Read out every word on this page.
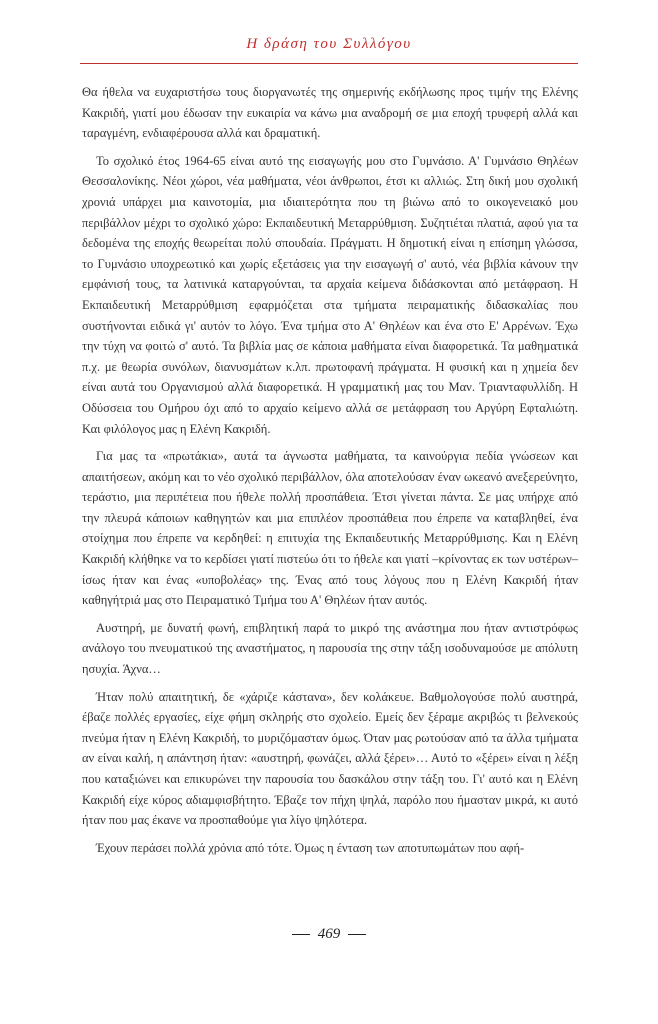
Η δράση του Συλλόγου

Θα ήθελα να ευχαριστήσω τους διοργανωτές της σημερινής εκδήλωσης προς τιμήν της Ελένης Κακριδή, γιατί μου έδωσαν την ευκαιρία να κάνω μια αναδρομή σε μια εποχή τρυφερή αλλά και ταραγμένη, ενδιαφέρουσα αλλά και δραματική.

Το σχολικό έτος 1964-65 είναι αυτό της εισαγωγής μου στο Γυμνάσιο. Α' Γυμνάσιο Θηλέων Θεσσαλονίκης. Νέοι χώροι, νέα μαθήματα, νέοι άνθρωποι, έτσι κι αλλιώς. Στη δική μου σχολική χρονιά υπάρχει μια καινοτομία, μια ιδιαιτερότητα που τη βιώνω από το οικογενειακό μου περιβάλλον μέχρι το σχολικό χώρο: Εκπαιδευτική Μεταρρύθμιση. Συζητιέται πλατιά, αφού για τα δεδομένα της εποχής θεωρείται πολύ σπουδαία. Πράγματι. Η δημοτική είναι η επίσημη γλώσσα, το Γυμνάσιο υποχρεωτικό και χωρίς εξετάσεις για την εισαγωγή σ' αυτό, νέα βιβλία κάνουν την εμφάνισή τους, τα λατινικά καταργούνται, τα αρχαία κείμενα διδάσκονται από μετάφραση. Η Εκπαιδευτική Μεταρρύθμιση εφαρμόζεται στα τμήματα πειραματικής διδασκαλίας που συστήνονται ειδικά γι' αυτόν το λόγο. Ένα τμήμα στο Α' Θηλέων και ένα στο Ε' Αρρένων. Έχω την τύχη να φοιτώ σ' αυτό. Τα βιβλία μας σε κάποια μαθήματα είναι διαφορετικά. Τα μαθηματικά π.χ. με θεωρία συνόλων, διανυσμάτων κ.λπ. πρωτοφανή πράγματα. Η φυσική και η χημεία δεν είναι αυτά του Οργανισμού αλλά διαφορετικά. Η γραμματική μας του Μαν. Τριανταφυλλίδη. Η Οδύσσεια του Ομήρου όχι από το αρχαίο κείμενο αλλά σε μετάφραση του Αργύρη Εφταλιώτη. Και φιλόλογος μας η Ελένη Κακριδή.

Για μας τα «πρωτάκια», αυτά τα άγνωστα μαθήματα, τα καινούργια πεδία γνώσεων και απαιτήσεων, ακόμη και το νέο σχολικό περιβάλλον, όλα αποτελούσαν έναν ωκεανό ανεξερεύνητο, τεράστιο, μια περιπέτεια που ήθελε πολλή προσπάθεια. Έτσι γίνεται πάντα. Σε μας υπήρχε από την πλευρά κάποιων καθηγητών και μια επιπλέον προσπάθεια που έπρεπε να καταβληθεί, ένα στοίχημα που έπρεπε να κερδηθεί: η επιτυχία της Εκπαιδευτικής Μεταρρύθμισης. Και η Ελένη Κακριδή κλήθηκε να το κερδίσει γιατί πιστεύω ότι το ήθελε και γιατί –κρίνοντας εκ των υστέρων– ίσως ήταν και ένας «υποβολέας» της. Ένας από τους λόγους που η Ελένη Κακριδή ήταν καθηγήτριά μας στο Πειραματικό Τμήμα του Α' Θηλέων ήταν αυτός.

Αυστηρή, με δυνατή φωνή, επιβλητική παρά το μικρό της ανάστημα που ήταν αντιστρόφως ανάλογο του πνευματικού της αναστήματος, η παρουσία της στην τάξη ισοδυναμούσε με απόλυτη ησυχία. Άχνα…

Ήταν πολύ απαιτητική, δε «χάριζε κάστανα», δεν κολάκευε. Βαθμολογούσε πολύ αυστηρά, έβαζε πολλές εργασίες, είχε φήμη σκληρής στο σχολείο. Εμείς δεν ξέραμε ακριβώς τι βελνεκούς πνεύμα ήταν η Ελένη Κακριδή, το μυριζόμασταν όμως. Όταν μας ρωτούσαν από τα άλλα τμήματα αν είναι καλή, η απάντηση ήταν: «αυστηρή, φωνάζει, αλλά ξέρει»… Αυτό το «ξέρει» είναι η λέξη που καταξιώνει και επικυρώνει την παρουσία του δασκάλου στην τάξη του. Γι' αυτό και η Ελένη Κακριδή είχε κύρος αδιαμφισβήτητο. Έβαζε τον πήχη ψηλά, παρόλο που ήμασταν μικρά, κι αυτό ήταν που μας έκανε να προσπαθούμε για λίγο ψηλότερα.

Έχουν περάσει πολλά χρόνια από τότε. Όμως η ένταση των αποτυπωμάτων που αφή-

469
